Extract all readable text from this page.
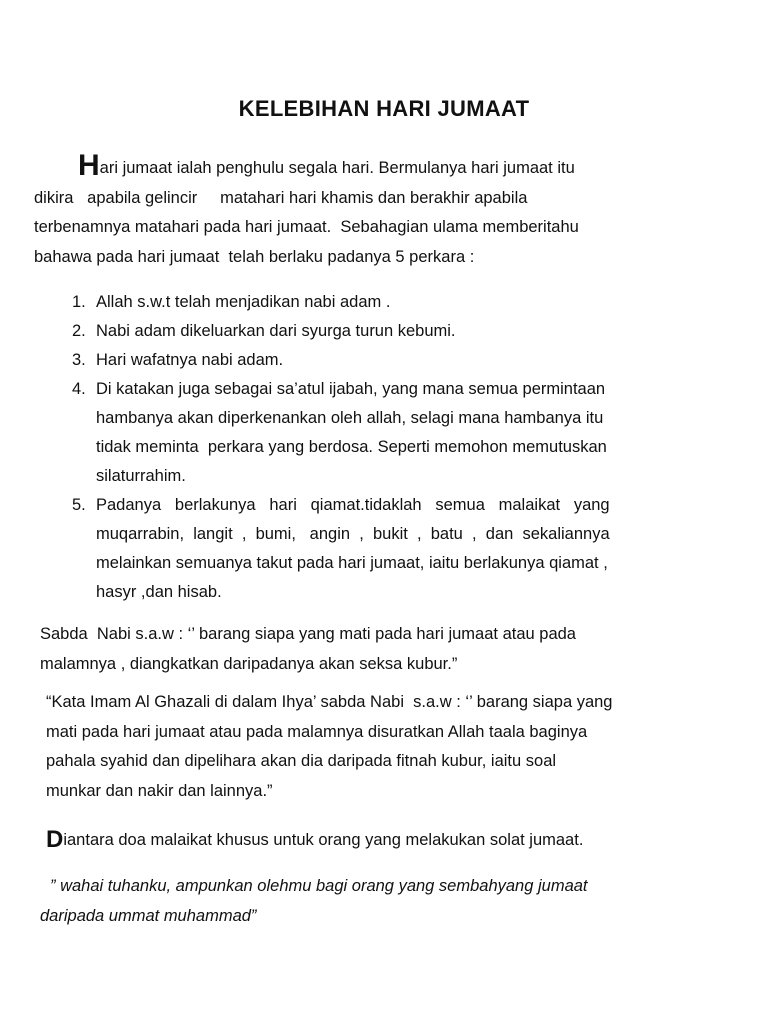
KELEBIHAN HARI JUMAAT
Hari jumaat ialah penghulu segala hari. Bermulanya hari jumaat itu
dikira   apabila gelincir     matahari hari khamis dan berakhir apabila
terbenamnya matahari pada hari jumaat.  Sebahagian ulama memberitahu
bahawa pada hari jumaat  telah berlaku padanya 5 perkara :
1. Allah s.w.t telah menjadikan nabi adam .
2. Nabi adam dikeluarkan dari syurga turun kebumi.
3. Hari wafatnya nabi adam.
4. Di katakan juga sebagai sa’atul ijabah, yang mana semua permintaan
hambanya akan diperkenankan oleh allah, selagi mana hambanya itu
tidak meminta  perkara yang berdosa. Seperti memohon memutuskan
silaturrahim.
5. Padanya   berlakunya   hari   qiamat.tidaklah   semua   malaikat   yang
muqarrabin,  langit  ,  bumi,   angin  ,  bukit  ,  batu  ,  dan  sekaliannya
melainkan semuanya takut pada hari jumaat, iaitu berlakunya qiamat ,
hasyr ,dan hisab.
Sabda  Nabi s.a.w : ‘’ barang siapa yang mati pada hari jumaat atau pada
malamnya , diangkatkan daripadanya akan seksa kubur.”
“Kata Imam Al Ghazali di dalam Ihya’ sabda Nabi  s.a.w : ‘’ barang siapa yang
mati pada hari jumaat atau pada malamnya disuratkan Allah taala baginya
pahala syahid dan dipelihara akan dia daripada fitnah kubur, iaitu soal
munkar dan nakir dan lainnya.”
Diantara doa malaikat khusus untuk orang yang melakukan solat jumaat.
” wahai tuhanku, ampunkan olehmu bagi orang yang sembahyang jumaat
daripada ummat muhammad”
